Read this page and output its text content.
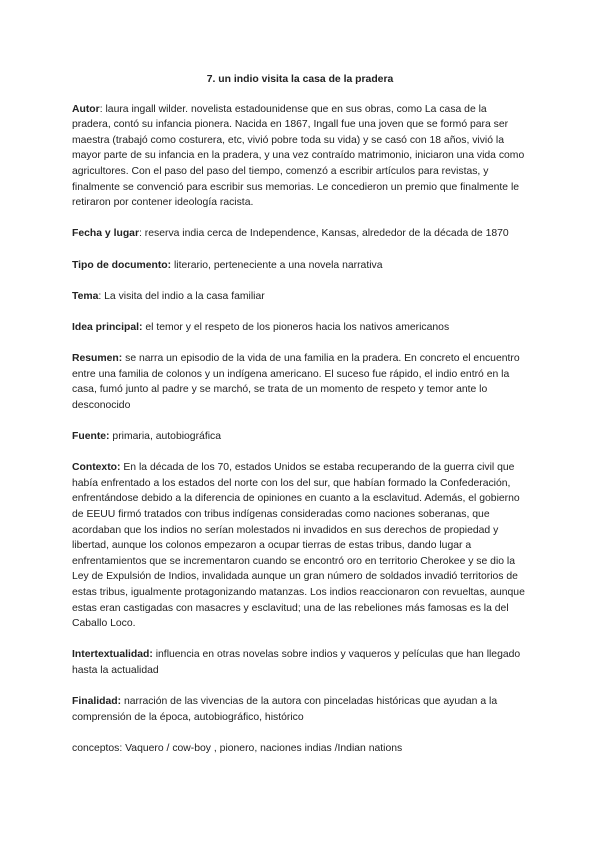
7. un indio visita la casa de la pradera

Autor: laura ingall wilder. novelista estadounidense que en sus obras, como La casa de la pradera, contó su infancia pionera. Nacida en 1867, Ingall fue una joven que se formó para ser maestra (trabajó como costurera, etc, vivió pobre toda su vida) y se casó con 18 años, vivió la mayor parte de su infancia en la pradera, y una vez contraído matrimonio, iniciaron una vida como agricultores. Con el paso del paso del tiempo, comenzó a escribir artículos para revistas, y finalmente se convenció para escribir sus memorias. Le concedieron un premio que finalmente le retiraron por contener ideología racista.

Fecha y lugar: reserva india cerca de Independence, Kansas, alrededor de la década de 1870

Tipo de documento: literario, perteneciente a una novela narrativa

Tema: La visita del indio a la casa familiar

Idea principal: el temor y el respeto de los pioneros hacia los nativos americanos

Resumen: se narra un episodio de la vida de una familia en la pradera. En concreto el encuentro entre una familia de colonos y un indígena americano. El suceso fue rápido, el indio entró en la casa, fumó junto al padre y se marchó, se trata de un momento de respeto y temor ante lo desconocido

Fuente: primaria, autobiográfica

Contexto: En la década de los 70, estados Unidos se estaba recuperando de la guerra civil que había enfrentado a los estados del norte con los del sur, que habían formado la Confederación, enfrentándose debido a la diferencia de opiniones en cuanto a la esclavitud. Además, el gobierno de EEUU firmó tratados con tribus indígenas consideradas como naciones soberanas, que acordaban que los indios no serían molestados ni invadidos en sus derechos de propiedad y libertad, aunque los colonos empezaron a ocupar tierras de estas tribus, dando lugar a enfrentamientos que se incrementaron cuando se encontró oro en territorio Cherokee y se dio la Ley de Expulsión de Indios, invalidada aunque un gran número de soldados invadió territorios de estas tribus, igualmente protagonizando matanzas. Los indios reaccionaron con revueltas, aunque estas eran castigadas con masacres y esclavitud; una de las rebeliones más famosas es la del Caballo Loco.

Intertextualidad: influencia en otras novelas sobre indios y vaqueros y películas que han llegado hasta la actualidad

Finalidad: narración de las vivencias de la autora con pinceladas históricas que ayudan a la comprensión de la época, autobiográfico, histórico

conceptos: Vaquero / cow-boy , pionero, naciones indias /Indian nations
